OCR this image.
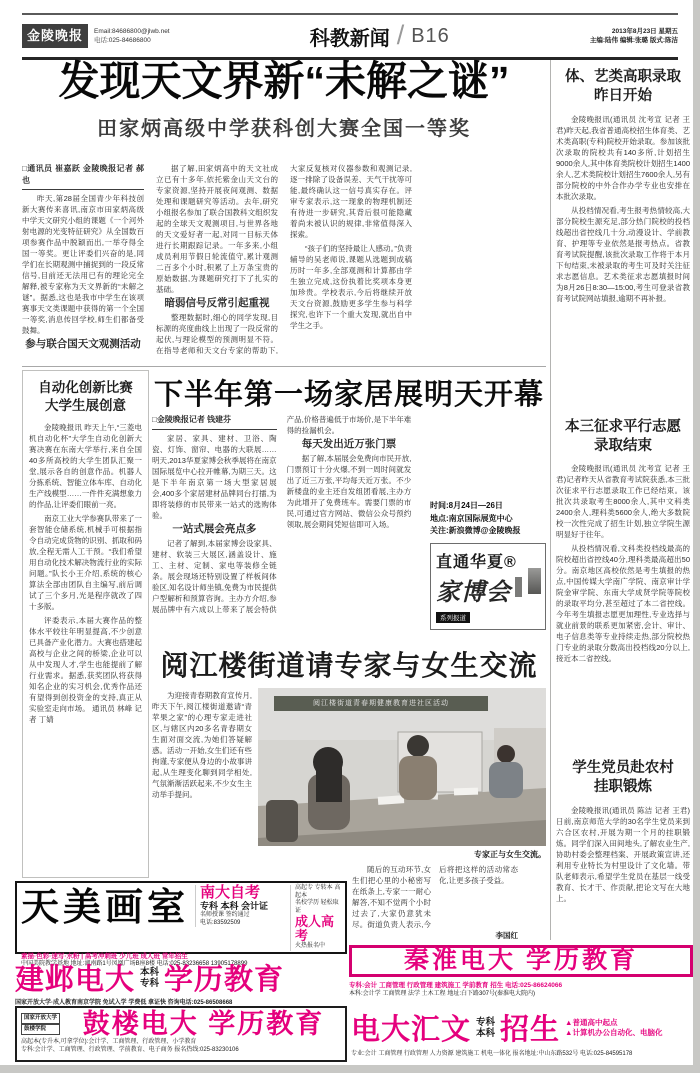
金陵晚报	Email:84686800@jlwb.net
电话:025-84686800	科教新闻 / B16	2013年8月23日 星期五
主编:陆伟 编辑:张璐 版式:陈洁
发现天文界新“未解之谜”
田家炳高级中学获科创大赛全国一等奖

□通讯员 崔嘉跃 金陵晚报记者 郝也

昨天,第28届全国青少年科技创新大赛传来喜讯,南京市田家炳高级中学天文研究小组的课题《一个河外射电源的光变特征研究》从全国数百项参赛作品中脱颖而出,一举夺得全国一等奖。更让评委们兴奋的是,同学们在长期观测中捕捉到的一段反常信号,目前还无法用已有的理论完全解释,被专家称为天文界新的“未解之谜”。据悉,这也是我市中学生在该项赛事天文类课题中获得的第一个全国一等奖,消息传回学校,师生们都备受鼓舞。

参与联合国天文观测活动

据了解,田家炳高中的天文社成立已有十多年,依托紫金山天文台的专家资源,坚持开展夜间观测、数据处理和课题研究等活动。去年,研究小组报名参加了联合国教科文组织发起的全球天文观测项目,与世界各地的天文爱好者一起,对同一目标天体进行长期跟踪记录。一年多来,小组成员利用节假日轮流值守,累计观测二百多个小时,积累了上万条宝贵的原始数据,为课题研究打下了扎实的基础。

暗弱信号反常引起重视

整理数据时,细心的同学发现,目标源的亮度曲线上出现了一段反常的起伏,与理论模型的预测明显不符。在指导老师和天文台专家的帮助下,大家反复核对仪器参数和观测记录,逐一排除了设备误差、天气干扰等可能,最终确认这一信号真实存在。评审专家表示,这一现象的物理机制还有待进一步研究,其背后很可能隐藏着尚未被认识的规律,非常值得深入探索。

“孩子们的坚持最让人感动。”负责辅导的吴老师说,课题从选题到成稿历时一年多,全部观测和计算都由学生独立完成,这份执着比奖项本身更加珍贵。学校表示,今后将继续开放天文台资源,鼓励更多学生参与科学探究,也许下一个重大发现,就出自中学生之手。

自动化创新比赛
大学生展创意

金陵晚报讯 昨天上午,“三菱电机自动化杯”大学生自动化创新大赛决赛在东南大学举行,来自全国40多所高校的大学生团队汇聚一堂,展示各自的创意作品。机器人分拣系统、智能立体车库、自动化生产线模型……一件件充满想象力的作品,让评委们眼前一亮。

南京工业大学参赛队带来了一套智能仓储系统,机械手可根据指令自动完成货物的识别、抓取和码放,全程无需人工干预。“我们希望用自动化技术解决物流行业的实际问题。”队长小王介绍,系统的核心算法全部由团队自主编写,前后调试了三个多月,光是程序就改了四十多版。

评委表示,本届大赛作品的整体水平较往年明显提高,不少创意已具备产业化潜力。大赛也搭建起高校与企业之间的桥梁,企业可以从中发现人才,学生也能提前了解行业需求。据悉,获奖团队将获得知名企业的实习机会,优秀作品还有望得到创投资金的支持,真正从实验室走向市场。 通讯员 林峰 记者 丁婧

体、艺类高职录取
昨日开始

金陵晚报讯(通讯员 沈考宣 记者 王君)昨天起,我省普通高校招生体育类、艺术类高职(专科)院校开始录取。参加该批次录取的院校共有140多所,计划招生9000余人,其中体育类院校计划招生1400余人,艺术类院校计划招生7600余人,另有部分院校的中外合作办学专业也安排在本批次录取。

从投档情况看,考生报考热情较高,大部分院校生源充足,部分热门院校的投档线超出省控线几十分,动漫设计、学前教育、护理等专业依然是报考热点。省教育考试院提醒,该批次录取工作将于本月下旬结束,未被录取的考生可及时关注征求志愿信息。艺术类征求志愿填报时间为8月26日8:30—15:00,考生可登录省教育考试院网站填报,逾期不再补报。

本三征求平行志愿
录取结束

金陵晚报讯(通讯员 沈考宣 记者 王君)记者昨天从省教育考试院获悉,本三批次征求平行志愿录取工作已经结束。该批次共录取考生8000余人,其中文科类2400余人,理科类5600余人,绝大多数院校一次性完成了招生计划,独立学院生源明显好于往年。

从投档情况看,文科类投档线最高的院校超出省控线40分,理科类最高超出50分。南京地区高校依然是考生填报的热点,中国传媒大学南广学院、南京审计学院金审学院、东南大学成贤学院等院校的录取平均分,甚至超过了本二省控线。今年考生填报志愿更加理性,专业选择与就业前景的联系更加紧密,会计、审计、电子信息类等专业持续走热,部分院校热门专业的录取分数高出投档线20分以上,接近本二省控线。

学生党员赴农村
挂职锻炼

金陵晚报讯(通讯员 陈洁 记者 王君)日前,南京师范大学的30名学生党员来到六合区农村,开展为期一个月的挂职锻炼。同学们深入田间地头,了解农业生产,协助村委会整理档案、开展政策宣讲,还利用专业特长为村里设计了文化墙。带队老师表示,希望学生党员在基层一线受教育、长才干、作贡献,把论文写在大地上。

下半年第一场家居展明天开幕

□金陵晚报记者 钱建芬

家居、家具、建材、卫浴、陶瓷、灯饰、窗帘、电器的大联展……明天,2013华夏家博会秋季展将在南京国际展览中心拉开帷幕,为期三天。这是下半年南京第一场大型家居展会,400多个家居建材品牌同台打擂,为即将装修的市民带来一站式的选购体验。

一站式展会亮点多

记者了解到,本届家博会设家具、建材、软装三大展区,涵盖设计、施工、主材、定制、家电等装修全链条。展会现场还特别设置了样板间体验区,知名设计师坐镇,免费为市民提供户型解析和预算咨询。主办方介绍,参展品牌中有六成以上带来了展会特供产品,价格普遍低于市场价,是下半年难得的捡漏机会。

每天发出近万张门票

据了解,本届展会免费向市民开放,门票预订十分火爆,不到一周时间就发出了近三万张,平均每天近万张。不少新楼盘的业主还自发组团看展,主办方为此增开了免费班车。需要门票的市民,可通过官方网站、微信公众号预约领取,展会期间凭短信即可入场。

时间:8月24日—26日
地点:南京国际展览中心
关注:新浪微博@金陵晚报
直通华夏®
家博会
系列报道
阅江楼街道请专家与女生交流

为迎接青春期教育宣传月,昨天下午,阅江楼街道邀请“青苹果之家”的心理专家走进社区,与辖区内20多名青春期女生面对面交流,为她们答疑解惑。活动一开始,女生们还有些拘谨,专家便从身边的小故事讲起,从生理变化聊到同学相处,气氛渐渐活跃起来,不少女生主动举手提问。

阅江楼街道青春期健康教育进社区活动
专家正与女生交流。

随后的互动环节,女生们把心里的小秘密写在纸条上,专家一一耐心解答,不知不觉两个小时过去了,大家仍意犹未尽。街道负责人表示,今后将把这样的活动常态化,让更多孩子受益。

李国红
天美画室 南大自考
专科 本科 会计证
名师授课 签约通过
电话:83592509
高起专 专转本 高起本
名校学历 轻松取证
成人高考
火热报名中
素描·色彩·速写·水粉 | 高考冲刺班 少儿班 成人班 常年招生
中国美院教学基地 地址:湖南路1号凤凰广场B座8楼 电话:025-83236658 13905178899
建邺电大 本科
专科 学历教育
国家开放大学·成人教育南京学院 免试入学 学费低 拿证快 咨询电话:025-86508668
秦淮电大 学历教育
专科:会计 工商管理 行政管理 建筑施工 学前教育 招生 电话:025-86624066
本科:会计学 工商管理 法学 土木工程 地址:白下路307号(秦淮电大院内)
国家开放大学
鼓楼学院	鼓楼电大 学历教育
高起本(专升本,可拿学位):会计学、工商管理、行政管理、小学教育
专科:会计学、工商管理、行政管理、学前教育、电子商务 报名热线:025-83230106
电大汇文 专科
本科 招生 ▲普通高中起点
▲计算机办公自动化、电脑化
专业:会计 工商管理 行政管理 人力资源 建筑施工 机电一体化 报名地址:中山东路532号 电话:025-84595178
